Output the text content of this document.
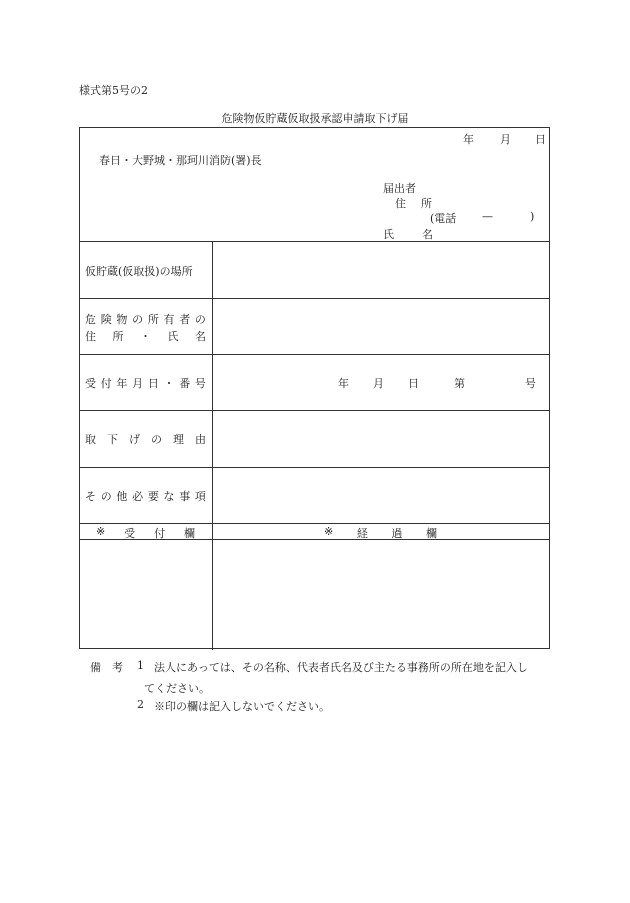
様式第5号の2
危険物仮貯蔵仮取扱承認申請取下げ届
年 月 日
春日・大野城・那珂川消防(署)長
届出者
住 所
(電話 —	)
氏	名
仮貯蔵(仮取扱)の場所
危 険 物 の 所 有 者 の
住 所 ・ 氏 名
受 付 年 月 日 ・ 番 号	年 月 日	第	号
取 下 げ の 理 由
そ の 他 必 要 な 事 項
※ 受 付 欄	※ 経 過 欄
備　考 1 法人にあっては、その名称、代表者氏名及び主たる事務所の所在地を記入し
てください。
2 ※印の欄は記入しないでください。
